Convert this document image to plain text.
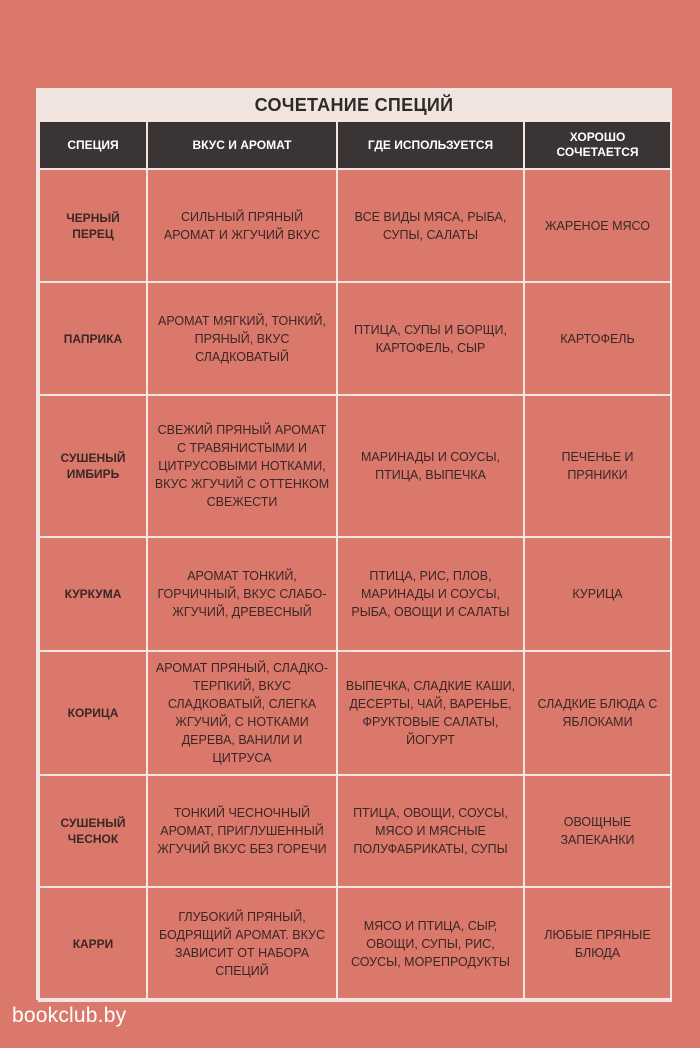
СОЧЕТАНИЕ СПЕЦИЙ
СПЕЦИЯ	ВКУС И АРОМАТ	ГДЕ ИСПОЛЬЗУЕТСЯ	ХОРОШО СОЧЕТАЕТСЯ
ЧЕРНЫЙ ПЕРЕЦ	СИЛЬНЫЙ ПРЯНЫЙ АРОМАТ И ЖГУЧИЙ ВКУС	ВСЕ ВИДЫ МЯСА, РЫБА, СУПЫ, САЛАТЫ	ЖАРЕНОЕ МЯСО
ПАПРИКА	АРОМАТ МЯГКИЙ, ТОНКИЙ, ПРЯНЫЙ, ВКУС СЛАДКОВАТЫЙ	ПТИЦА, СУПЫ И БОРЩИ, КАРТОФЕЛЬ, СЫР	КАРТОФЕЛЬ
СУШЕНЫЙ ИМБИРЬ	СВЕЖИЙ ПРЯНЫЙ АРОМАТ С ТРАВЯНИСТЫМИ И ЦИТРУСОВЫМИ НОТКАМИ, ВКУС ЖГУЧИЙ С ОТТЕНКОМ СВЕЖЕСТИ	МАРИНАДЫ И СОУСЫ, ПТИЦА, ВЫПЕЧКА	ПЕЧЕНЬЕ И ПРЯНИКИ
КУРКУМА	АРОМАТ ТОНКИЙ, ГОРЧИЧНЫЙ, ВКУС СЛАБО-ЖГУЧИЙ, ДРЕВЕСНЫЙ	ПТИЦА, РИС, ПЛОВ, МАРИНАДЫ И СОУСЫ, РЫБА, ОВОЩИ И САЛАТЫ	КУРИЦА
КОРИЦА	АРОМАТ ПРЯНЫЙ, СЛАДКО-ТЕРПКИЙ, ВКУС СЛАДКОВАТЫЙ, СЛЕГКА ЖГУЧИЙ, С НОТКАМИ ДЕРЕВА, ВАНИЛИ И ЦИТРУСА	ВЫПЕЧКА, СЛАДКИЕ КАШИ, ДЕСЕРТЫ, ЧАЙ, ВАРЕНЬЕ, ФРУКТОВЫЕ САЛАТЫ, ЙОГУРТ	СЛАДКИЕ БЛЮДА С ЯБЛОКАМИ
СУШЕНЫЙ ЧЕСНОК	ТОНКИЙ ЧЕСНОЧНЫЙ АРОМАТ, ПРИГЛУШЕННЫЙ ЖГУЧИЙ ВКУС БЕЗ ГОРЕЧИ	ПТИЦА, ОВОЩИ, СОУСЫ, МЯСО И МЯСНЫЕ ПОЛУФАБРИКАТЫ, СУПЫ	ОВОЩНЫЕ ЗАПЕКАНКИ
КАРРИ	ГЛУБОКИЙ ПРЯНЫЙ, БОДРЯЩИЙ АРОМАТ. ВКУС ЗАВИСИТ ОТ НАБОРА СПЕЦИЙ	МЯСО И ПТИЦА, СЫР, ОВОЩИ, СУПЫ, РИС, СОУСЫ, МОРЕПРОДУКТЫ	ЛЮБЫЕ ПРЯНЫЕ БЛЮДА
bookclub.by
